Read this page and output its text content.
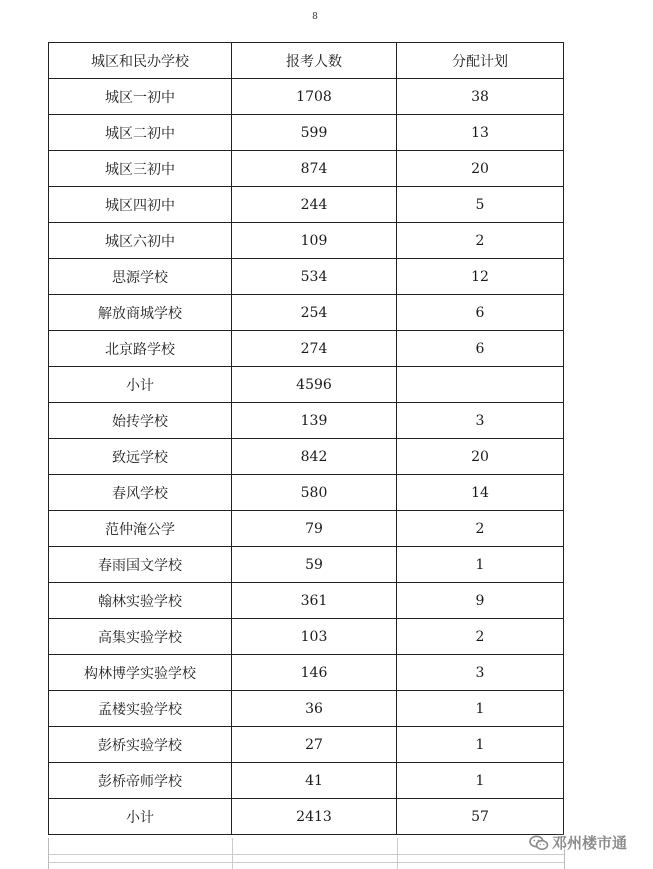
8
城区和民办学校	报考人数	分配计划
城区一初中	1708	38
城区二初中	599	13
城区三初中	874	20
城区四初中	244	5
城区六初中	109	2
思源学校	534	12
解放商城学校	254	6
北京路学校	274	6
小计	4596	
始抟学校	139	3
致远学校	842	20
春风学校	580	14
范仲淹公学	79	2
春雨国文学校	59	1
翰林实验学校	361	9
高集实验学校	103	2
构林博学实验学校	146	3
孟楼实验学校	36	1
彭桥实验学校	27	1
彭桥帝师学校	41	1
小计	2413	57
邓州楼市通
